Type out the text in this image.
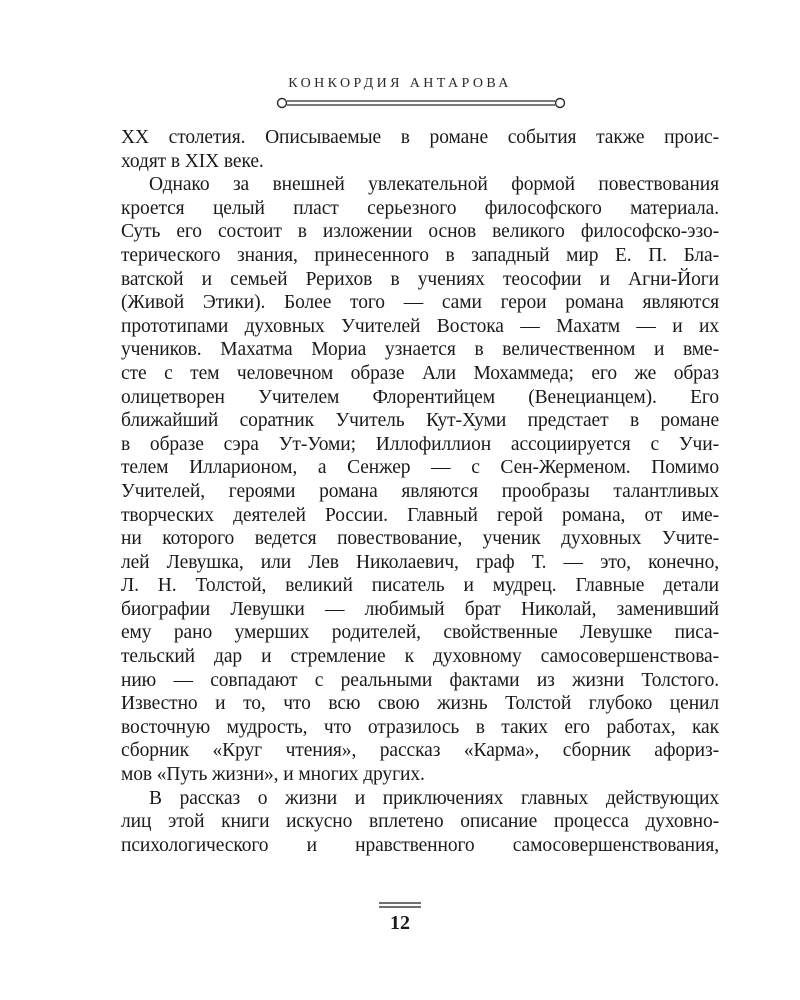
КОНКОРДИЯ АНТАРОВА
XX столетия. Описываемые в романе события также проис-
ходят в XIX веке.
Однако за внешней увлекательной формой повествования
кроется целый пласт серьезного философского материала.
Суть его состоит в изложении основ великого философско-эзо-
терического знания, принесенного в западный мир Е. П. Бла-
ватской и семьей Рерихов в учениях теософии и Агни-Йоги
(Живой Этики). Более того — сами герои романа являются
прототипами духовных Учителей Востока — Махатм — и их
учеников. Махатма Мориа узнается в величественном и вме-
сте с тем человечном образе Али Мохаммеда; его же образ
олицетворен Учителем Флорентийцем (Венецианцем). Его
ближайший соратник Учитель Кут-Хуми предстает в романе
в образе сэра Ут-Уоми; Иллофиллион ассоциируется с Учи-
телем Илларионом, а Сенжер — с Сен-Жерменом. Помимо
Учителей, героями романа являются прообразы талантливых
творческих деятелей России. Главный герой романа, от име-
ни которого ведется повествование, ученик духовных Учите-
лей Левушка, или Лев Николаевич, граф Т. — это, конечно,
Л. Н. Толстой, великий писатель и мудрец. Главные детали
биографии Левушки — любимый брат Николай, заменивший
ему рано умерших родителей, свойственные Левушке писа-
тельский дар и стремление к духовному самосовершенствова-
нию — совпадают с реальными фактами из жизни Толстого.
Известно и то, что всю свою жизнь Толстой глубоко ценил
восточную мудрость, что отразилось в таких его работах, как
сборник «Круг чтения», рассказ «Карма», сборник афориз-
мов «Путь жизни», и многих других.
В рассказ о жизни и приключениях главных действующих
лиц этой книги искусно вплетено описание процесса духовно-
психологического и нравственного самосовершенствования,
12
